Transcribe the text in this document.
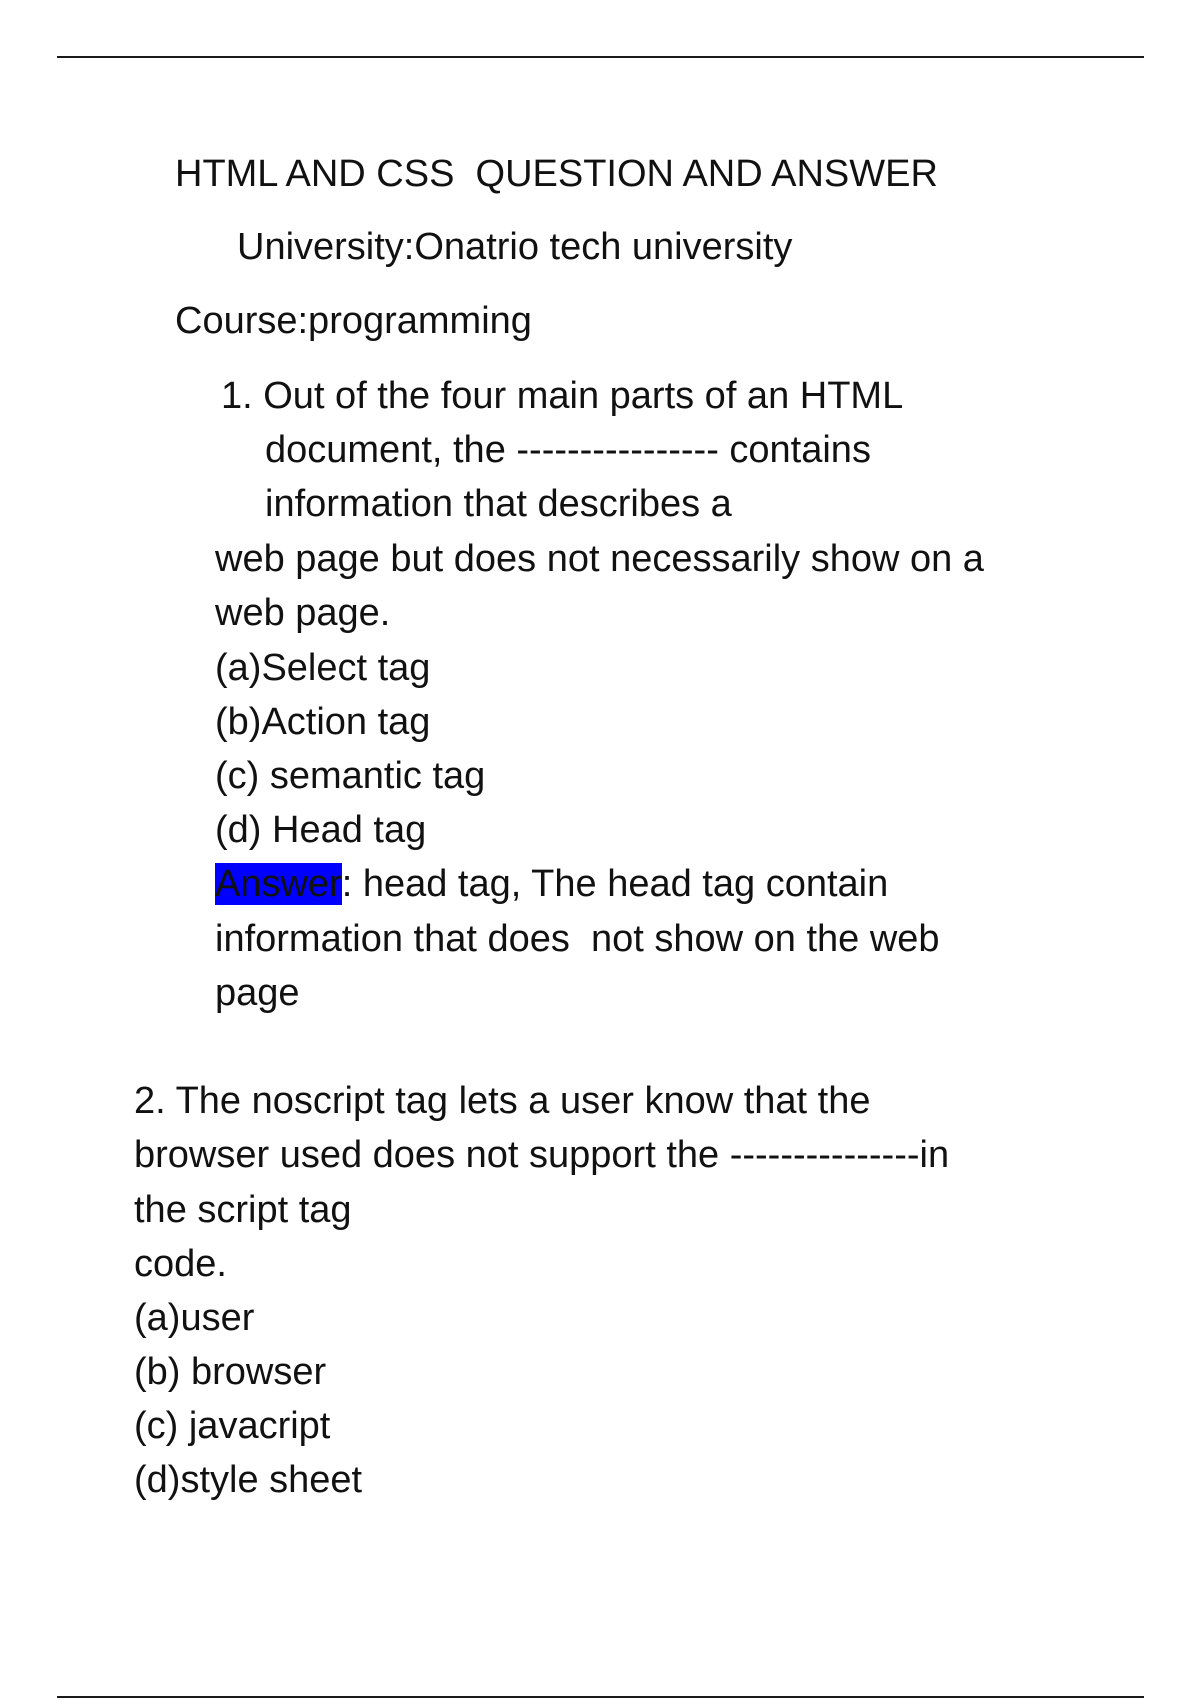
HTML AND CSS  QUESTION AND ANSWER
University:Onatrio tech university
Course:programming
1. Out of the four main parts of an HTML
document, the ---------------- contains
information that describes a
web page but does not necessarily show on a
web page.
(a)Select tag
(b)Action tag
(c) semantic tag
(d) Head tag
Answer: head tag, The head tag contain
information that does  not show on the web
page
2. The noscript tag lets a user know that the
browser used does not support the ---------------in
the script tag
code.
(a)user
(b) browser
(c) javacript
(d)style sheet
